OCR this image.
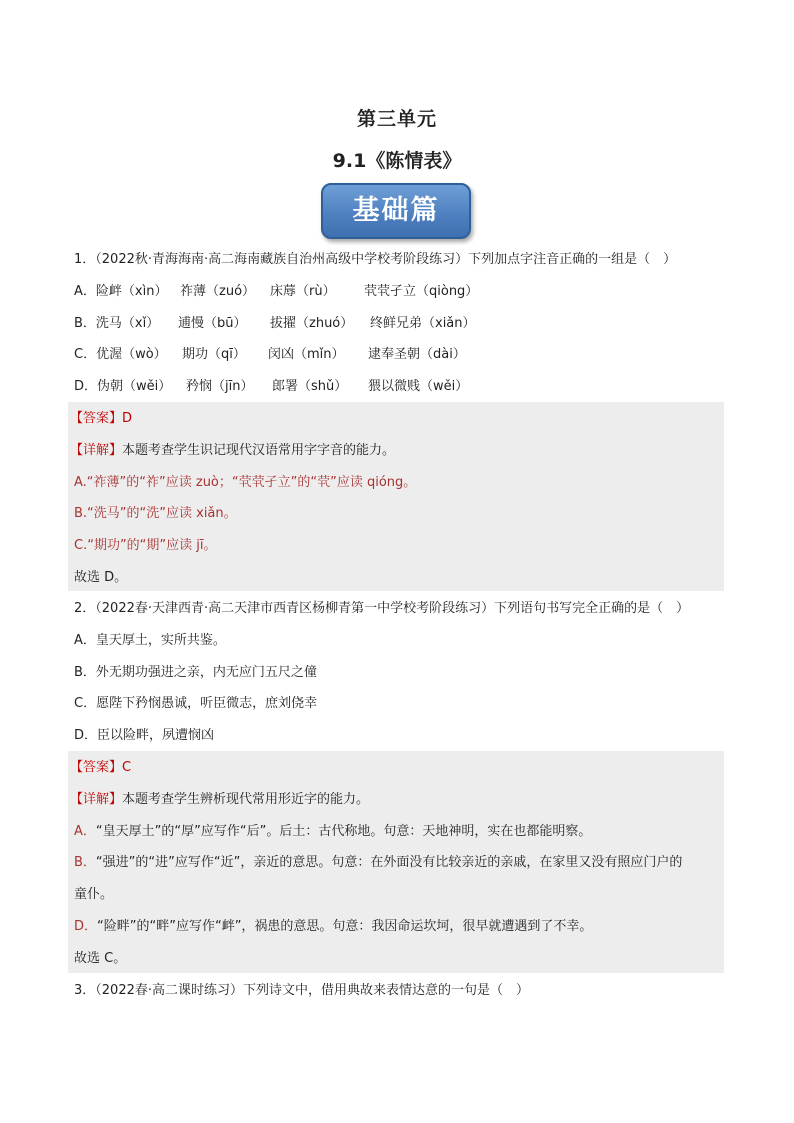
第三单元
9.1《陈情表》
基础篇
1．（2022秋·青海海南·高二海南藏族自治州高级中学校考阶段练习）下列加点字注音正确的一组是（　）
A．险衅（xìn） 祚薄（zuó） 床蓐（rù） 茕茕孑立（qiòng）
B．洗马（xǐ） 逋慢（bū） 拔擢（zhuó） 终鲜兄弟（xiǎn）
C．优渥（wò） 期功（qī） 闵凶（mǐn） 逮奉圣朝（dài）
D．伪朝（wěi） 矜悯（jīn） 郎署（shǔ） 猥以微贱（wěi）
【答案】D
【详解】本题考查学生识记现代汉语常用字字音的能力。
A.“祚薄”的“祚”应读 zuò；“茕茕孑立”的“茕”应读 qióng。
B.“洗马”的“洗”应读 xiǎn。
C.“期功”的“期”应读 jī。
故选 D。
2．（2022春·天津西青·高二天津市西青区杨柳青第一中学校考阶段练习）下列语句书写完全正确的是（　）
A．皇天厚土，实所共鉴。
B．外无期功强进之亲，内无应门五尺之僮
C．愿陛下矜悯愚诚，听臣微志，庶刘侥幸
D．臣以险畔，夙遭悯凶
【答案】C
【详解】本题考查学生辨析现代常用形近字的能力。
A．“皇天厚土”的“厚”应写作“后”。后土：古代称地。句意：天地神明，实在也都能明察。
B．“强进”的“进”应写作“近”，亲近的意思。句意：在外面没有比较亲近的亲戚，在家里又没有照应门户的
童仆。
D．“险畔”的“畔”应写作“衅”，祸患的意思。句意：我因命运坎坷，很早就遭遇到了不幸。
故选 C。
3．（2022春·高二课时练习）下列诗文中，借用典故来表情达意的一句是（　）
